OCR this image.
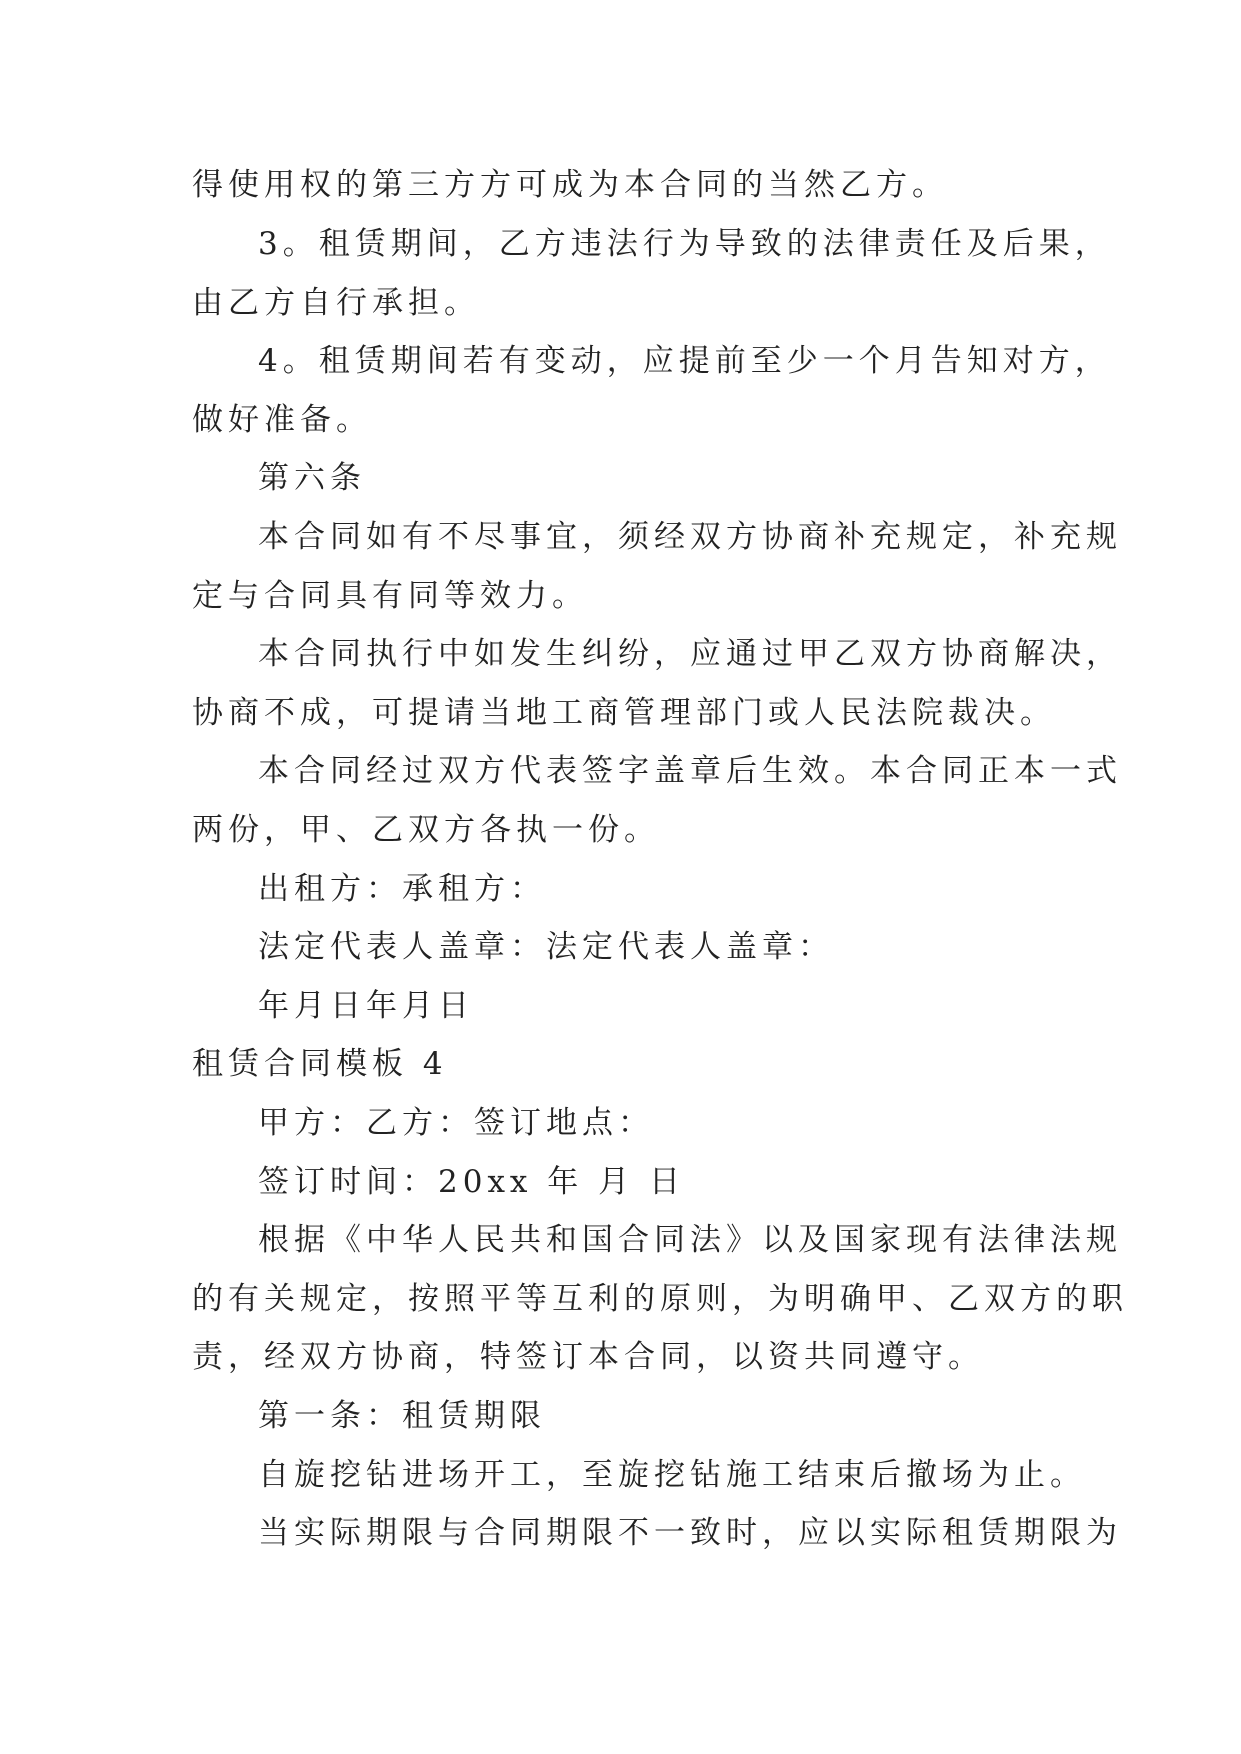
得使用权的第三方方可成为本合同的当然乙方。
3。租赁期间，乙方违法行为导致的法律责任及后果，
由乙方自行承担。
4。租赁期间若有变动，应提前至少一个月告知对方，
做好准备。
第六条
本合同如有不尽事宜，须经双方协商补充规定，补充规
定与合同具有同等效力。
本合同执行中如发生纠纷，应通过甲乙双方协商解决，
协商不成，可提请当地工商管理部门或人民法院裁决。
本合同经过双方代表签字盖章后生效。本合同正本一式
两份，甲、乙双方各执一份。
出租方：承租方：
法定代表人盖章：法定代表人盖章：
年月日年月日
租赁合同模板 4
甲方：乙方：签订地点：
签订时间：20xx 年 月 日
根据《中华人民共和国合同法》以及国家现有法律法规
的有关规定，按照平等互利的原则，为明确甲、乙双方的职
责，经双方协商，特签订本合同，以资共同遵守。
第一条：租赁期限
自旋挖钻进场开工，至旋挖钻施工结束后撤场为止。
当实际期限与合同期限不一致时，应以实际租赁期限为
